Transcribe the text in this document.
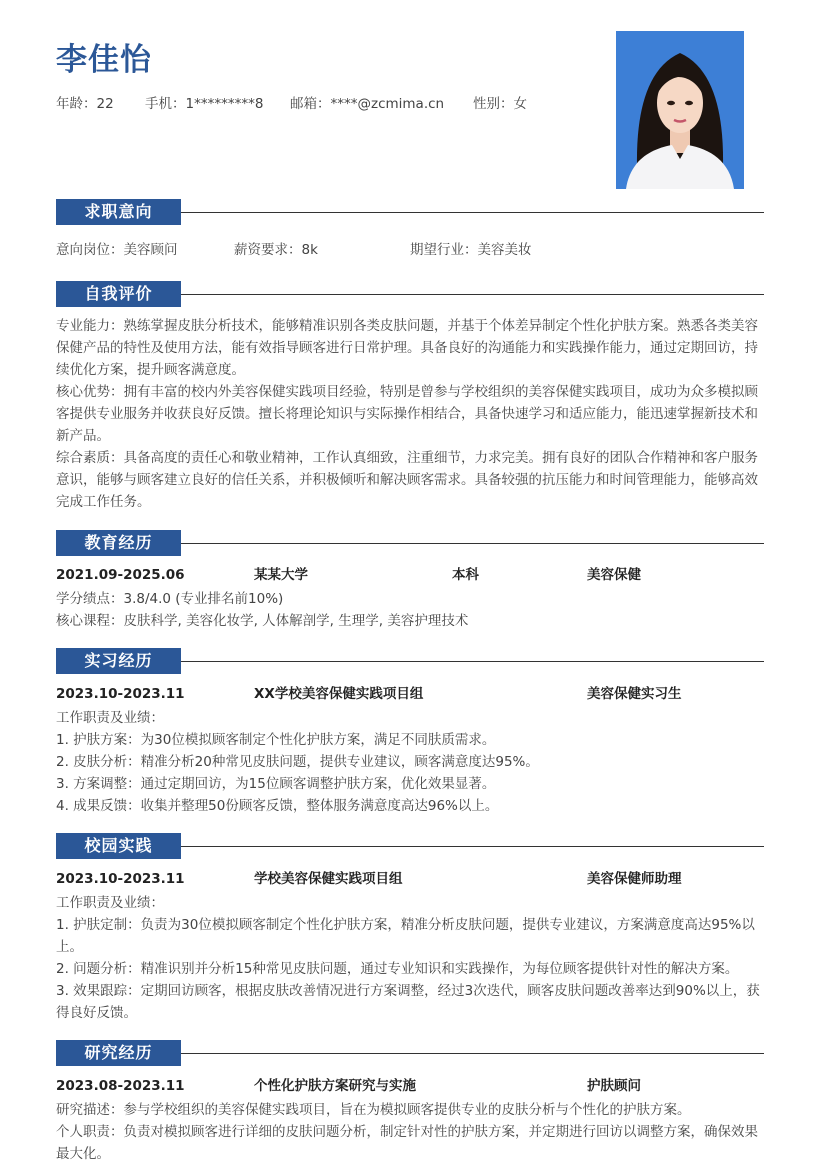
李佳怡
年龄：22 手机：1*********8 邮箱：****@zcmima.cn 性别：女
求职意向
意向岗位：美容顾问	薪资要求：8k	期望行业：美容美妆
自我评价

专业能力：熟练掌握皮肤分析技术，能够精准识别各类皮肤问题，并基于个体差异制定个性化护肤方案。熟悉各类美容保健产品的特性及使用方法，能有效指导顾客进行日常护理。具备良好的沟通能力和实践操作能力，通过定期回访，持续优化方案，提升顾客满意度。

核心优势：拥有丰富的校内外美容保健实践项目经验，特别是曾参与学校组织的美容保健实践项目，成功为众多模拟顾客提供专业服务并收获良好反馈。擅长将理论知识与实际操作相结合，具备快速学习和适应能力，能迅速掌握新技术和新产品。

综合素质：具备高度的责任心和敬业精神，工作认真细致，注重细节，力求完美。拥有良好的团队合作精神和客户服务意识，能够与顾客建立良好的信任关系，并积极倾听和解决顾客需求。具备较强的抗压能力和时间管理能力，能够高效完成工作任务。

教育经历
2021.09-2025.06	某某大学	本科	美容保健
学分绩点：3.8/4.0 (专业排名前10%)
核心课程：皮肤科学, 美容化妆学, 人体解剖学, 生理学, 美容护理技术
实习经历
2023.10-2023.11	XX学校美容保健实践项目组	美容保健实习生

工作职责及业绩：

1. 护肤方案：为30位模拟顾客制定个性化护肤方案，满足不同肤质需求。

2. 皮肤分析：精准分析20种常见皮肤问题，提供专业建议，顾客满意度达95%。

3. 方案调整：通过定期回访，为15位顾客调整护肤方案，优化效果显著。

4. 成果反馈：收集并整理50份顾客反馈，整体服务满意度高达96%以上。

校园实践
2023.10-2023.11	学校美容保健实践项目组	美容保健师助理

工作职责及业绩：

1. 护肤定制：负责为30位模拟顾客制定个性化护肤方案，精准分析皮肤问题，提供专业建议，方案满意度高达95%以上。

2. 问题分析：精准识别并分析15种常见皮肤问题，通过专业知识和实践操作，为每位顾客提供针对性的解决方案。

3. 效果跟踪：定期回访顾客，根据皮肤改善情况进行方案调整，经过3次迭代，顾客皮肤问题改善率达到90%以上，获得良好反馈。

研究经历
2023.08-2023.11	个性化护肤方案研究与实施	护肤顾问

研究描述：参与学校组织的美容保健实践项目，旨在为模拟顾客提供专业的皮肤分析与个性化的护肤方案。

个人职责：负责对模拟顾客进行详细的皮肤问题分析，制定针对性的护肤方案，并定期进行回访以调整方案，确保效果最大化。
